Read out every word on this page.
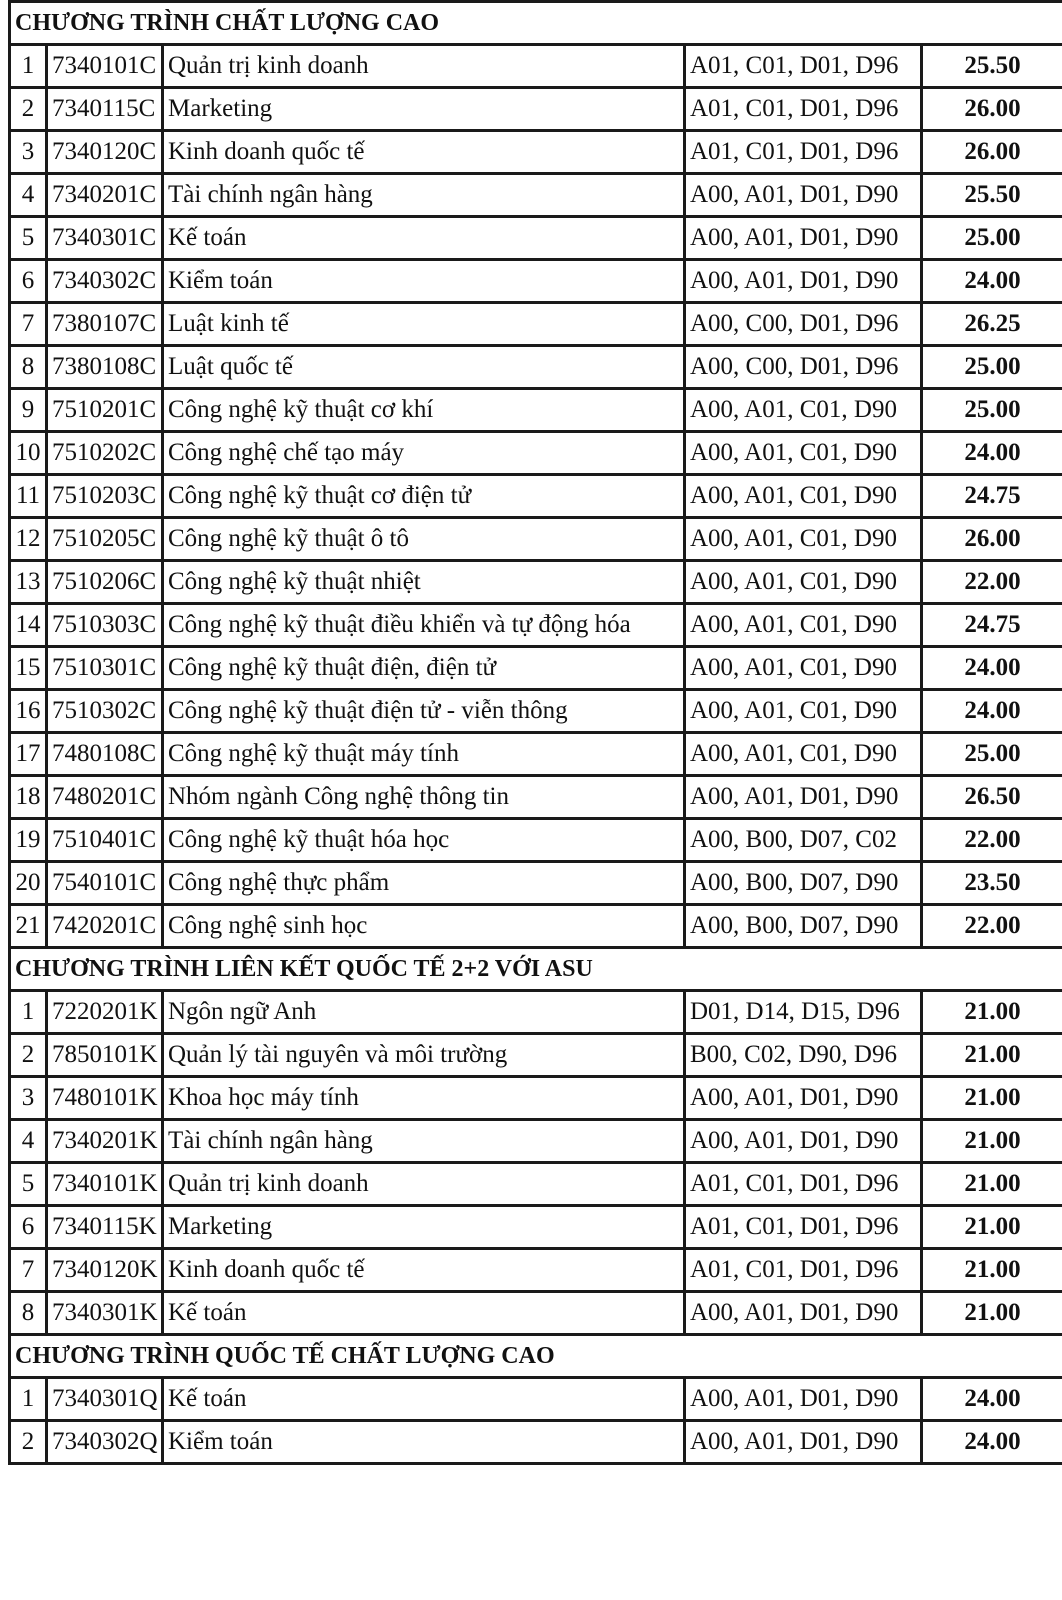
CHƯƠNG TRÌNH CHẤT LƯỢNG CAO				
1	7340101C	Quản trị kinh doanh	A01, C01, D01, D96	25.50
2	7340115C	Marketing	A01, C01, D01, D96	26.00
3	7340120C	Kinh doanh quốc tế	A01, C01, D01, D96	26.00
4	7340201C	Tài chính ngân hàng	A00, A01, D01, D90	25.50
5	7340301C	Kế toán	A00, A01, D01, D90	25.00
6	7340302C	Kiểm toán	A00, A01, D01, D90	24.00
7	7380107C	Luật kinh tế	A00, C00, D01, D96	26.25
8	7380108C	Luật quốc tế	A00, C00, D01, D96	25.00
9	7510201C	Công nghệ kỹ thuật cơ khí	A00, A01, C01, D90	25.00
10	7510202C	Công nghệ chế tạo máy	A00, A01, C01, D90	24.00
11	7510203C	Công nghệ kỹ thuật cơ điện tử	A00, A01, C01, D90	24.75
12	7510205C	Công nghệ kỹ thuật ô tô	A00, A01, C01, D90	26.00
13	7510206C	Công nghệ kỹ thuật nhiệt	A00, A01, C01, D90	22.00
14	7510303C	Công nghệ kỹ thuật điều khiển và tự động hóa	A00, A01, C01, D90	24.75
15	7510301C	Công nghệ kỹ thuật điện, điện tử	A00, A01, C01, D90	24.00
16	7510302C	Công nghệ kỹ thuật điện tử - viễn thông	A00, A01, C01, D90	24.00
17	7480108C	Công nghệ kỹ thuật máy tính	A00, A01, C01, D90	25.00
18	7480201C	Nhóm ngành Công nghệ thông tin	A00, A01, D01, D90	26.50
19	7510401C	Công nghệ kỹ thuật hóa học	A00, B00, D07, C02	22.00
20	7540101C	Công nghệ thực phẩm	A00, B00, D07, D90	23.50
21	7420201C	Công nghệ sinh học	A00, B00, D07, D90	22.00
CHƯƠNG TRÌNH LIÊN KẾT QUỐC TẾ 2+2 VỚI ASU				
1	7220201K	Ngôn ngữ Anh	D01, D14, D15, D96	21.00
2	7850101K	Quản lý tài nguyên và môi trường	B00, C02, D90, D96	21.00
3	7480101K	Khoa học máy tính	A00, A01, D01, D90	21.00
4	7340201K	Tài chính ngân hàng	A00, A01, D01, D90	21.00
5	7340101K	Quản trị kinh doanh	A01, C01, D01, D96	21.00
6	7340115K	Marketing	A01, C01, D01, D96	21.00
7	7340120K	Kinh doanh quốc tế	A01, C01, D01, D96	21.00
8	7340301K	Kế toán	A00, A01, D01, D90	21.00
CHƯƠNG TRÌNH QUỐC TẾ CHẤT LƯỢNG CAO				
1	7340301Q	Kế toán	A00, A01, D01, D90	24.00
2	7340302Q	Kiểm toán	A00, A01, D01, D90	24.00
